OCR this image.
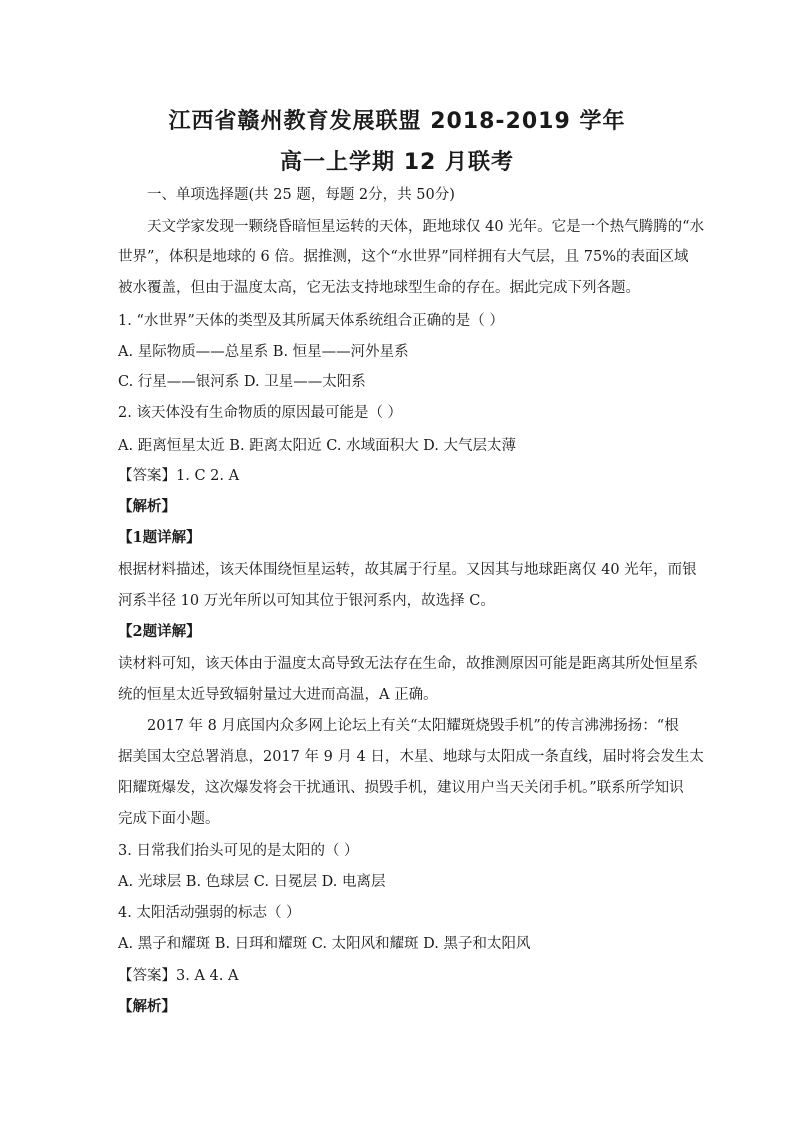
江西省赣州教育发展联盟 2018-2019 学年
高一上学期 12 月联考
一、单项选择题(共 25 题，每题 2分，共 50分)
天文学家发现一颗绕昏暗恒星运转的天体，距地球仅 40 光年。它是一个热气腾腾的“水
世界”，体积是地球的 6 倍。据推测，这个“水世界”同样拥有大气层，且 75%的表面区域
被水覆盖，但由于温度太高，它无法支持地球型生命的存在。据此完成下列各题。
1. “水世界”天体的类型及其所属天体系统组合正确的是（ ）
A. 星际物质——总星系 B. 恒星——河外星系
C. 行星——银河系 D. 卫星——太阳系
2. 该天体没有生命物质的原因最可能是（ ）
A. 距离恒星太近 B. 距离太阳近 C. 水域面积大 D. 大气层太薄
【答案】1. C 2. A
【解析】
【1题详解】
根据材料描述，该天体围绕恒星运转，故其属于行星。又因其与地球距离仅 40 光年，而银
河系半径 10 万光年所以可知其位于银河系内，故选择 C。
【2题详解】
读材料可知，该天体由于温度太高导致无法存在生命，故推测原因可能是距离其所处恒星系
统的恒星太近导致辐射量过大进而高温，A 正确。
2017 年 8 月底国内众多网上论坛上有关“太阳耀斑烧毁手机”的传言沸沸扬扬：“根
据美国太空总署消息，2017 年 9 月 4 日，木星、地球与太阳成一条直线，届时将会发生太
阳耀斑爆发，这次爆发将会干扰通讯、损毁手机，建议用户当天关闭手机。”联系所学知识
完成下面小题。
3. 日常我们抬头可见的是太阳的（ ）
A. 光球层 B. 色球层 C. 日冕层 D. 电离层
4. 太阳活动强弱的标志（ ）
A. 黑子和耀斑 B. 日珥和耀斑 C. 太阳风和耀斑 D. 黑子和太阳风
【答案】3. A 4. A
【解析】
